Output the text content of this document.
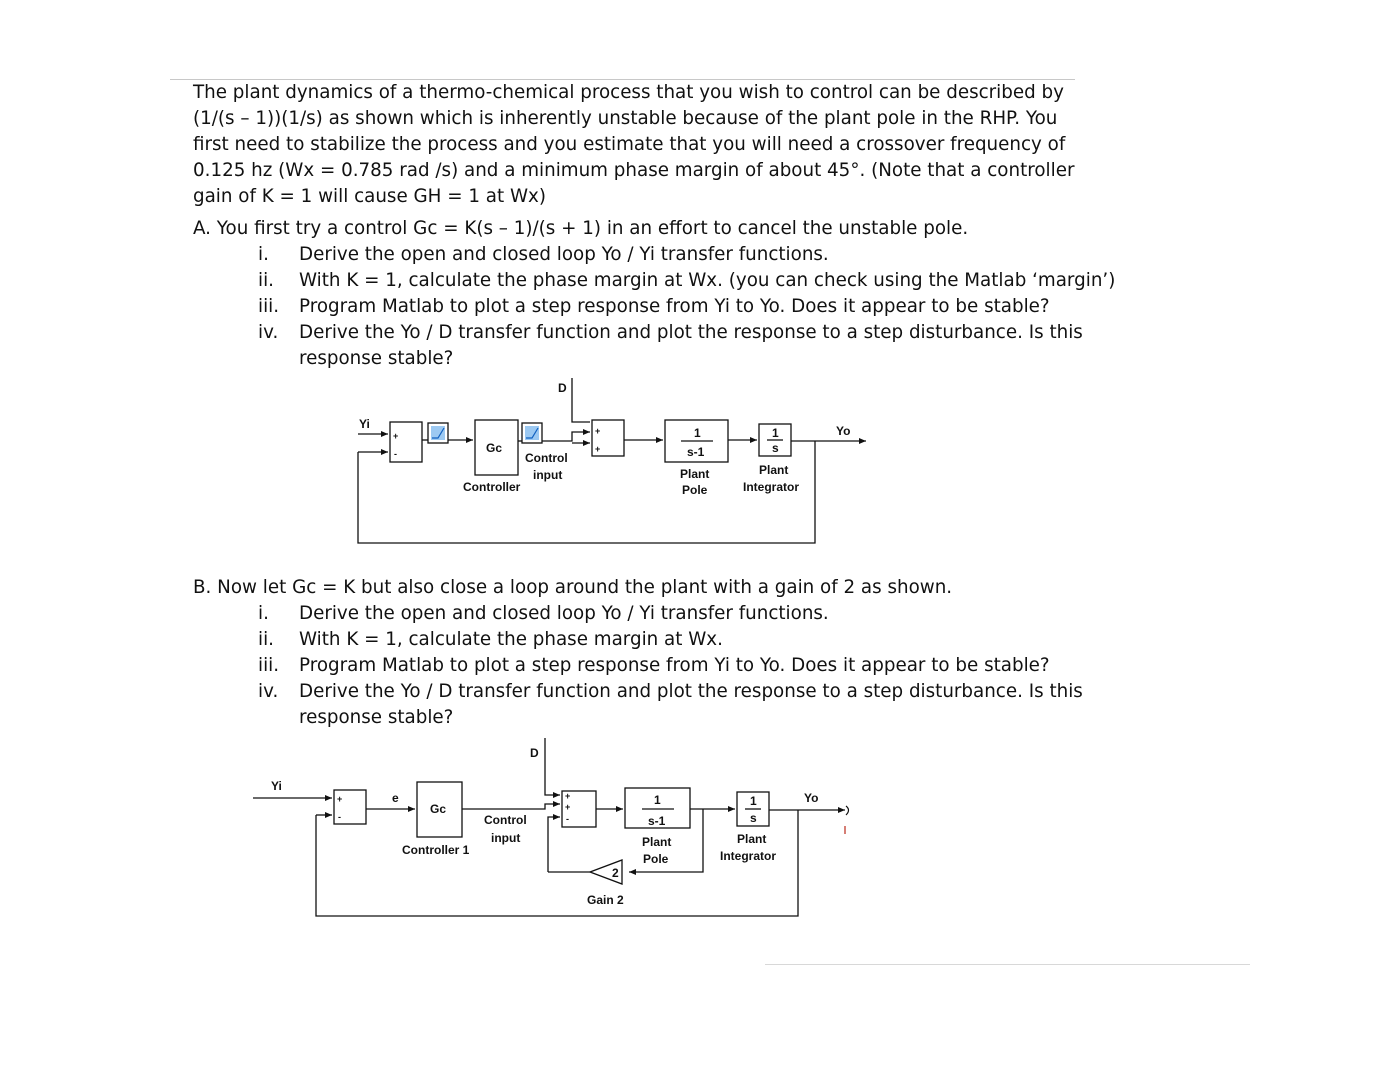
The plant dynamics of a thermo-chemical process that you wish to control can be described by
(1/(s – 1))(1/s) as shown which is inherently unstable because of the plant pole in the RHP. You
first need to stabilize the process and you estimate that you will need a crossover frequency of
0.125 hz (Wx = 0.785 rad /s) and a minimum phase margin of about 45°. (Note that a controller
gain of K = 1 will cause GH = 1 at Wx)
A. You first try a control Gc = K(s – 1)/(s + 1) in an effort to cancel the unstable pole.
i. Derive the open and closed loop Yo / Yi transfer functions.
ii. With K = 1, calculate the phase margin at Wx. (you can check using the Matlab ‘margin’)
iii. Program Matlab to plot a step response from Yi to Yo. Does it appear to be stable?
iv. Derive the Yo / D transfer function and plot the response to a step disturbance. Is this
response stable?
Yi
D
Yo
Gc
Controller
Control
input
1
s-1
Plant
Pole
1
s
Plant
Integrator
+
-
+
+
B. Now let Gc = K but also close a loop around the plant with a gain of 2 as shown.
i. Derive the open and closed loop Yo / Yi transfer functions.
ii. With K = 1, calculate the phase margin at Wx.
iii. Program Matlab to plot a step response from Yi to Yo. Does it appear to be stable?
iv. Derive the Yo / D transfer function and plot the response to a step disturbance. Is this
response stable?
Yi
e
D
Yo
Gc
Controller 1
Control
input
1
s-1
Plant
Pole
1
s
Plant
Integrator
2
Gain 2
+
-
+
+
-
